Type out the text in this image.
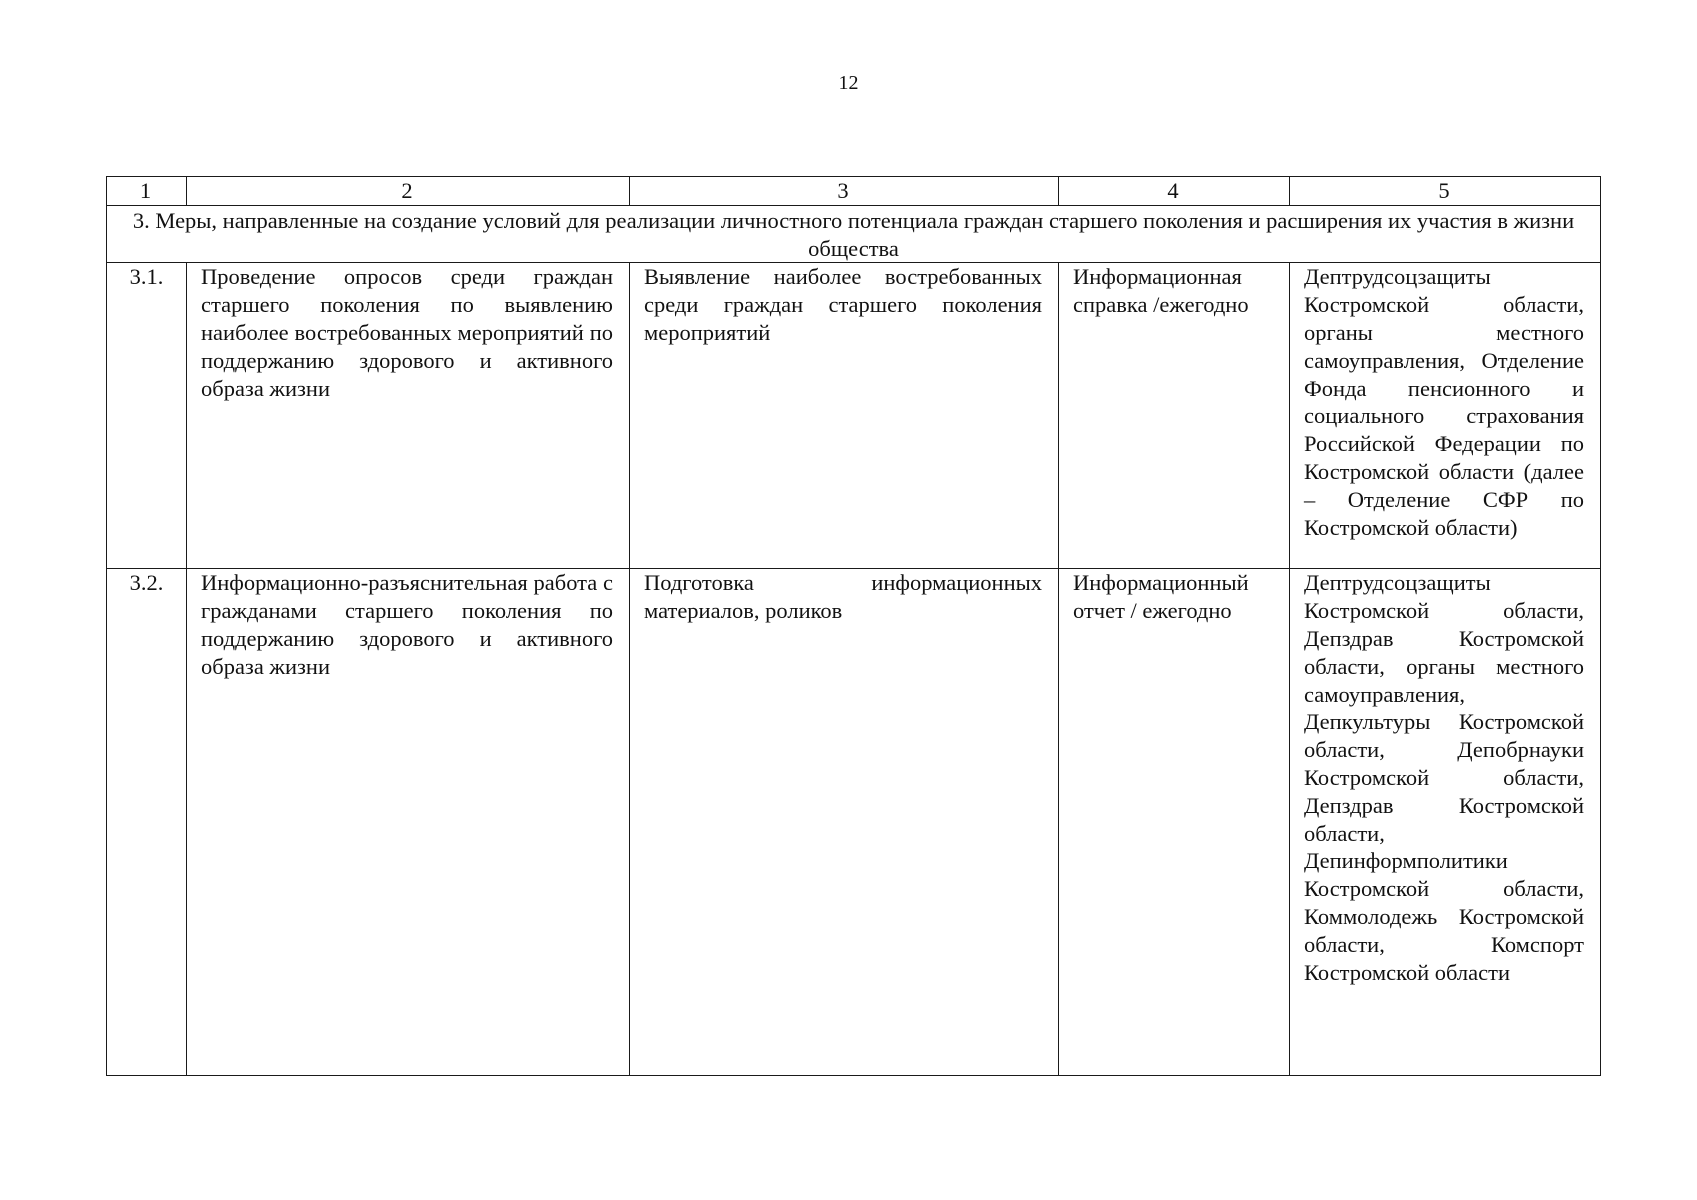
12
1	2	3	4	5
3. Меры, направленные на создание условий для реализации личностного потенциала граждан старшего поколения и расширения их участия в жизни общества				
3.1.	Проведение опросов среди граждан старшего поколения по выявлению наиболее востребованных мероприятий по поддержанию здорового и активного образа жизни	Выявление наиболее востребованных среди граждан старшего поколения мероприятий	Информационная справка /ежегодно	Дептрудсоцзащиты Костромской области, органы местного самоуправления, Отделение Фонда пенсионного и социального страхования Российской Федерации по Костромской области (далее – Отделение СФР по Костромской области)
3.2.	Информационно-разъяснительная работа с гражданами старшего поколения по поддержанию здорового и активного образа жизни	Подготовка информационных материалов, роликов	Информационный отчет / ежегодно	Дептрудсоцзащиты Костромской области, Депздрав Костромской области, органы местного самоуправления, Депкультуры Костромской области, Депобрнауки Костромской области, Депздрав Костромской области, Депинформполитики Костромской области, Коммолодежь Костромской области, Комспорт Костромской области
